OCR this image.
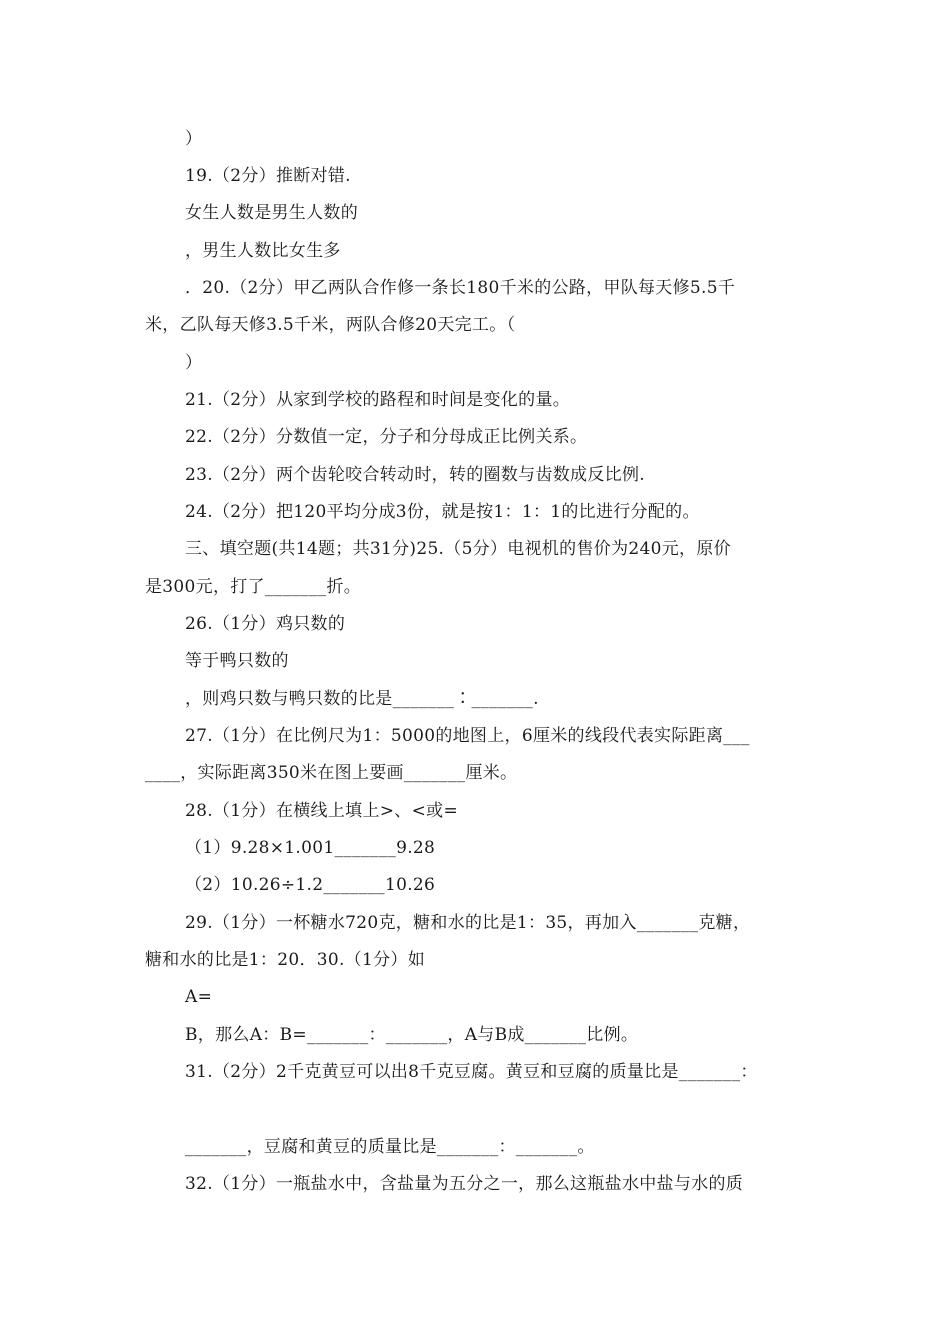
）
19.（2分）推断对错.
女生人数是男生人数的
，男生人数比女生多
．20.（2分）甲乙两队合作修一条长180千米的公路，甲队每天修5.5千
米，乙队每天修3.5千米，两队合修20天完工。（
）
21.（2分）从家到学校的路程和时间是变化的量。
22.（2分）分数值一定，分子和分母成正比例关系。
23.（2分）两个齿轮咬合转动时，转的圈数与齿数成反比例.
24.（2分）把120平均分成3份，就是按1：1：1的比进行分配的。
三、填空题(共14题；共31分)25.（5分）电视机的售价为240元，原价
是300元，打了_______折。
26.（1分）鸡只数的
等于鸭只数的
，则鸡只数与鸭只数的比是_______∶_______.
27.（1分）在比例尺为1：5000的地图上，6厘米的线段代表实际距离___
____，实际距离350米在图上要画_______厘米。
28.（1分）在横线上填上>、<或=
（1）9.28×1.001_______9.28
（2）10.26÷1.2_______10.26
29.（1分）一杯糖水720克，糖和水的比是1：35，再加入_______克糖，
糖和水的比是1：20．30.（1分）如
A=
B，那么A：B=_______：_______，A与B成_______比例。
31.（2分）2千克黄豆可以出8千克豆腐。黄豆和豆腐的质量比是_______：
_______，豆腐和黄豆的质量比是_______：_______。
32.（1分）一瓶盐水中，含盐量为五分之一，那么这瓶盐水中盐与水的质
